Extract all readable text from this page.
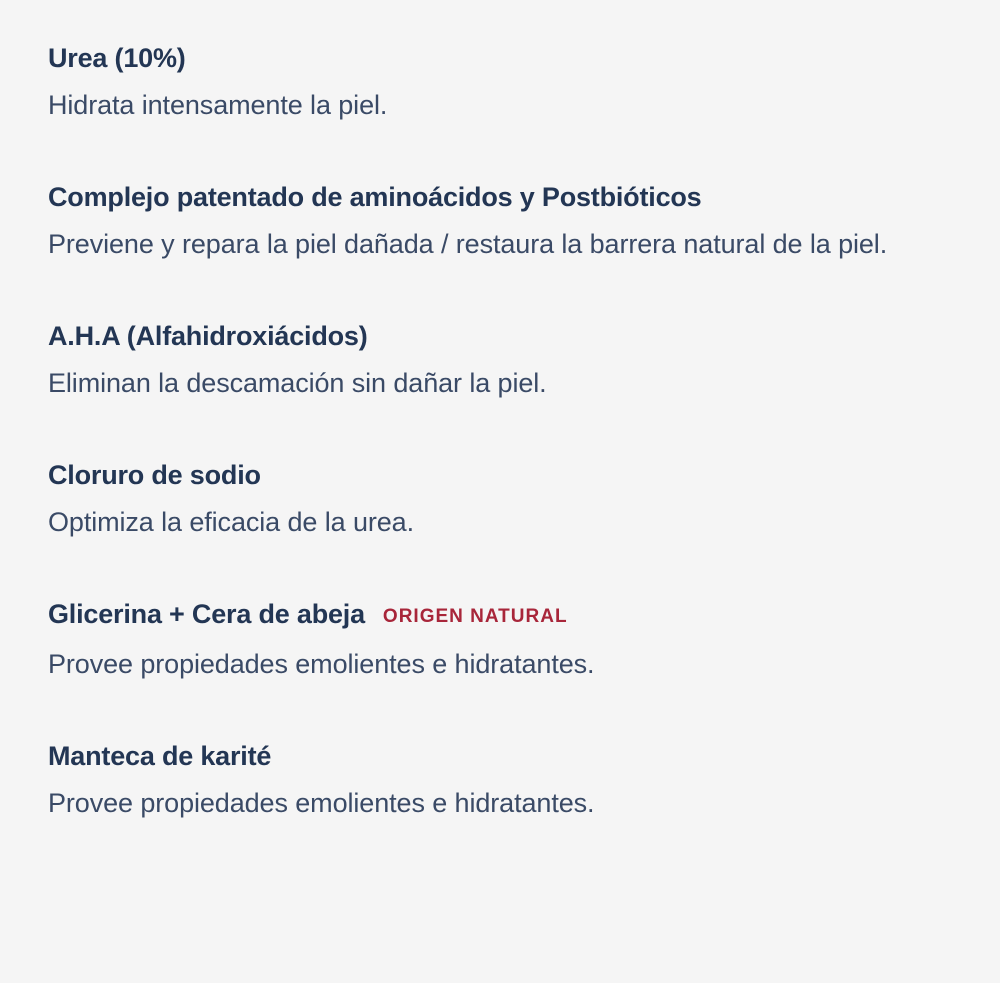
Urea (10%)
Hidrata intensamente la piel.
Complejo patentado de aminoácidos y Postbióticos
Previene y repara la piel dañada / restaura la barrera natural de la piel.
A.H.A (Alfahidroxiácidos)
Eliminan la descamación sin dañar la piel.
Cloruro de sodio
Optimiza la eficacia de la urea.
Glicerina + Cera de abeja ORIGEN NATURAL
Provee propiedades emolientes e hidratantes.
Manteca de karité
Provee propiedades emolientes e hidratantes.
